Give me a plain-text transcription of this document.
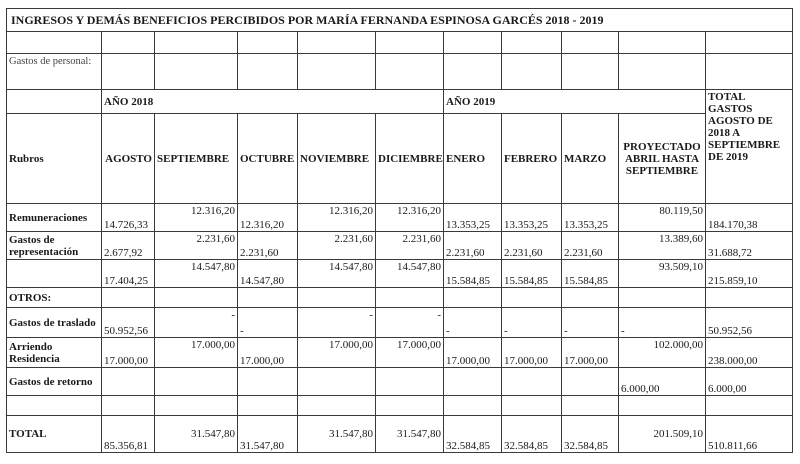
INGRESOS Y DEMÁS BENEFICIOS PERCIBIDOS POR MARÍA FERNANDA ESPINOSA GARCÉS 2018 - 2019										

Gastos de personal:										
	AÑO 2018					AÑO 2019				TOTAL GASTOS AGOSTO DE 2018 A SEPTIEMBRE DE 2019
Rubros	AGOSTO	SEPTIEMBRE	OCTUBRE	NOVIEMBRE	DICIEMBRE	ENERO	FEBRERO	MARZO	PROYECTADO ABRIL HASTA SEPTIEMBRE	
Remuneraciones	14.726,33	12.316,20	12.316,20	12.316,20	12.316,20	13.353,25	13.353,25	13.353,25	80.119,50	184.170,38
Gastos de representación	2.677,92	2.231,60	2.231,60	2.231,60	2.231,60	2.231,60	2.231,60	2.231,60	13.389,60	31.688,72
	17.404,25	14.547,80	14.547,80	14.547,80	14.547,80	15.584,85	15.584,85	15.584,85	93.509,10	215.859,10
OTROS:										
Gastos de traslado	50.952,56	-	-	-	-	-	-	-	-	50.952,56
Arriendo Residencia	17.000,00	17.000,00	17.000,00	17.000,00	17.000,00	17.000,00	17.000,00	17.000,00	102.000,00	238.000,00
Gastos de retorno									6.000,00	6.000,00

TOTAL	85.356,81	31.547,80	31.547,80	31.547,80	31.547,80	32.584,85	32.584,85	32.584,85	201.509,10	510.811,66
